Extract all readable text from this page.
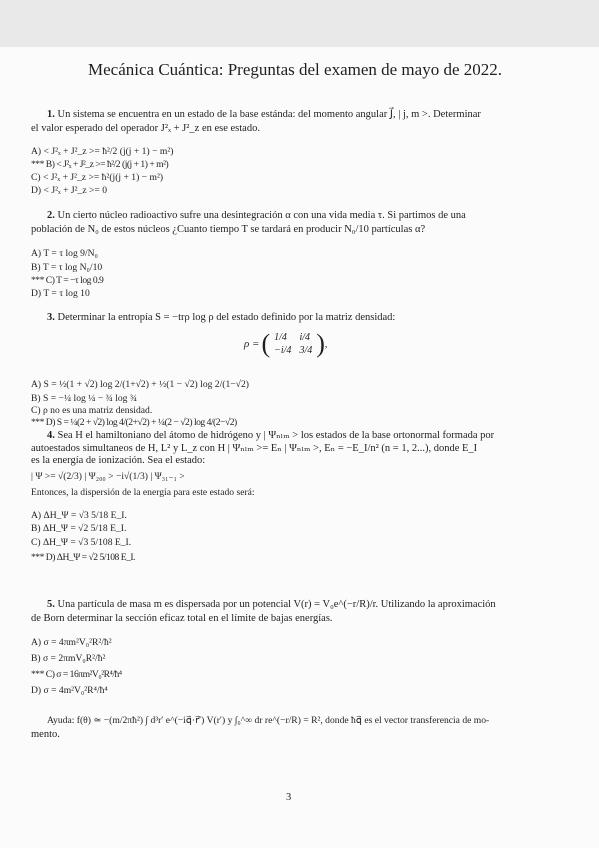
Mecánica Cuántica: Preguntas del examen de mayo de 2022.
1. Un sistema se encuentra en un estado de la base estánda: del momento angular J⃗, | j, m >. Determinar
el valor esperado del operador J²ₓ + J²_z en ese estado.
A) < J²ₓ + J²_z >= ħ²/2 (j(j + 1) − m²)
*** B) < J²ₓ + J²_z >= ħ²/2 (j(j + 1) + m²)
C) < J²ₓ + J²_z >= ħ²(j(j + 1) − m²)
D) < J²ₓ + J²_z >= 0
2. Un cierto núcleo radioactivo sufre una desintegración α con una vida media τ. Si partimos de una
población de N₀ de estos núcleos ¿Cuanto tiempo T se tardará en producir N₀/10 partículas α?
A) T = τ log 9/N₀
B) T = τ log N₀/10
*** C) T = −τ log 0.9
D) T = τ log 10
3. Determinar la entropía S = −trρ log ρ del estado definido por la matriz densidad:
ρ =	(	1/4	i/4	)	,
		−i/4	3/4		
A) S = ½(1 + √2) log 2/(1+√2) + ½(1 − √2) log 2/(1−√2)
B) S = −¼ log ¼ − ¾ log ¾
C) ρ no es una matriz densidad.
*** D) S = ¼(2 + √2) log 4/(2+√2) + ¼(2 − √2) log 4/(2−√2)
4. Sea H el hamiltoniano del átomo de hidrógeno y | Ψₙₗₘ > los estados de la base ortonormal formada por
autoestados simultaneos de H, L² y L_z con H | Ψₙₗₘ >= Eₙ | Ψₙₗₘ >, Eₙ = −E_I/n² (n = 1, 2...), donde E_I
es la energía de ionización. Sea el estado:
| Ψ >= √(2/3) | Ψ₂₀₀ > −i√(1/3) | Ψ₃₁₋₁ >
Entonces, la dispersión de la energía para este estado será:
A) ΔH_Ψ = √3 5/18 E_I.
B) ΔH_Ψ = √2 5/18 E_I.
C) ΔH_Ψ = √3 5/108 E_I.
*** D) ΔH_Ψ = √2 5/108 E_I.
5. Una partícula de masa m es dispersada por un potencial V(r) = V₀e^(−r/R)/r. Utilizando la aproximación
de Born determinar la sección eficaz total en el límite de bajas energías.
A) σ = 4πm²V₀²R²/ħ²
B) σ = 2πmV₀R²/ħ²
*** C) σ = 16πm²V₀²R⁴/ħ⁴
D) σ = 4m²V₀²R⁴/ħ⁴
Ayuda: f(θ) ≃ −(m/2πħ²) ∫ d³r′ e^(−iq⃗·r⃗′) V(r′) y ∫₀^∞ dr re^(−r/R) = R², donde ħq⃗ es el vector transferencia de mo-
mento.
3
